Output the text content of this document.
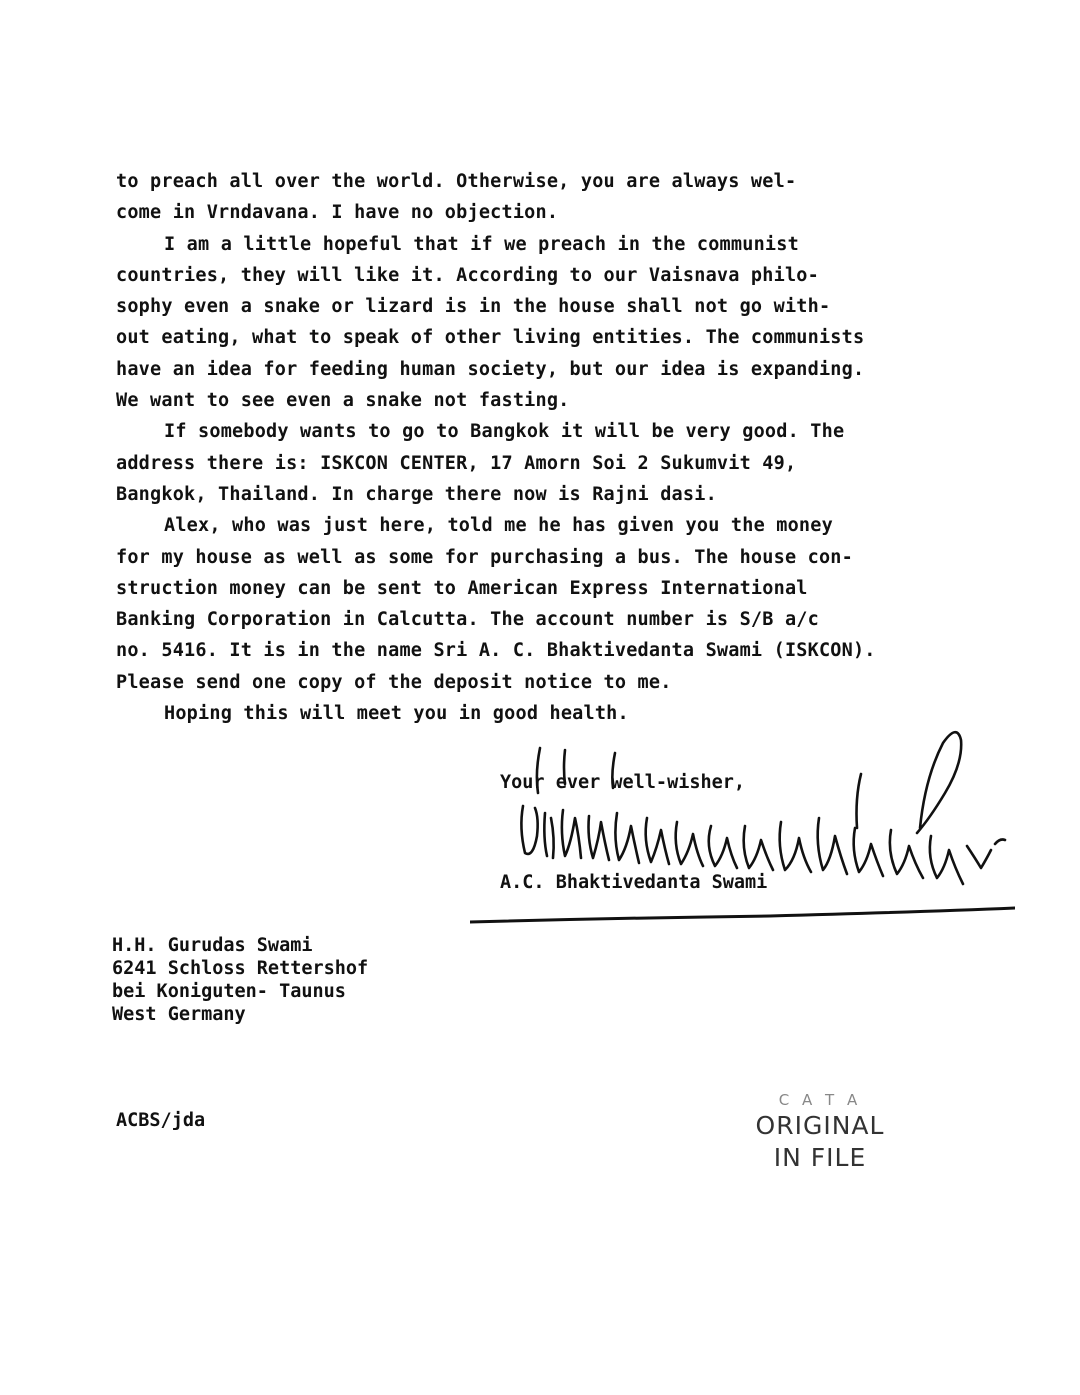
to preach all over the world. Otherwise, you are always wel-
come in Vrndavana. I have no objection.
I am a little hopeful that if we preach in the communist
countries, they will like it. According to our Vaisnava philo-
sophy even a snake or lizard is in the house shall not go with-
out eating, what to speak of other living entities. The communists
have an idea for feeding human society, but our idea is expanding.
We want to see even a snake not fasting.
If somebody wants to go to Bangkok it will be very good. The
address there is: ISKCON CENTER, 17 Amorn Soi 2 Sukumvit 49,
Bangkok, Thailand. In charge there now is Rajni dasi.
Alex, who was just here, told me he has given you the money
for my house as well as some for purchasing a bus. The house con-
struction money can be sent to American Express International
Banking Corporation in Calcutta. The account number is S/B a/c
no. 5416. It is in the name Sri A. C. Bhaktivedanta Swami (ISKCON).
Please send one copy of the deposit notice to me.
Hoping this will meet you in good health.
Your ever well-wisher,
A.C. Bhaktivedanta Swami
H.H. Gurudas Swami
6241 Schloss Rettershof
bei Koniguten- Taunus
West Germany
ACBS/jda
C A T A
ORIGINAL
IN FILE
